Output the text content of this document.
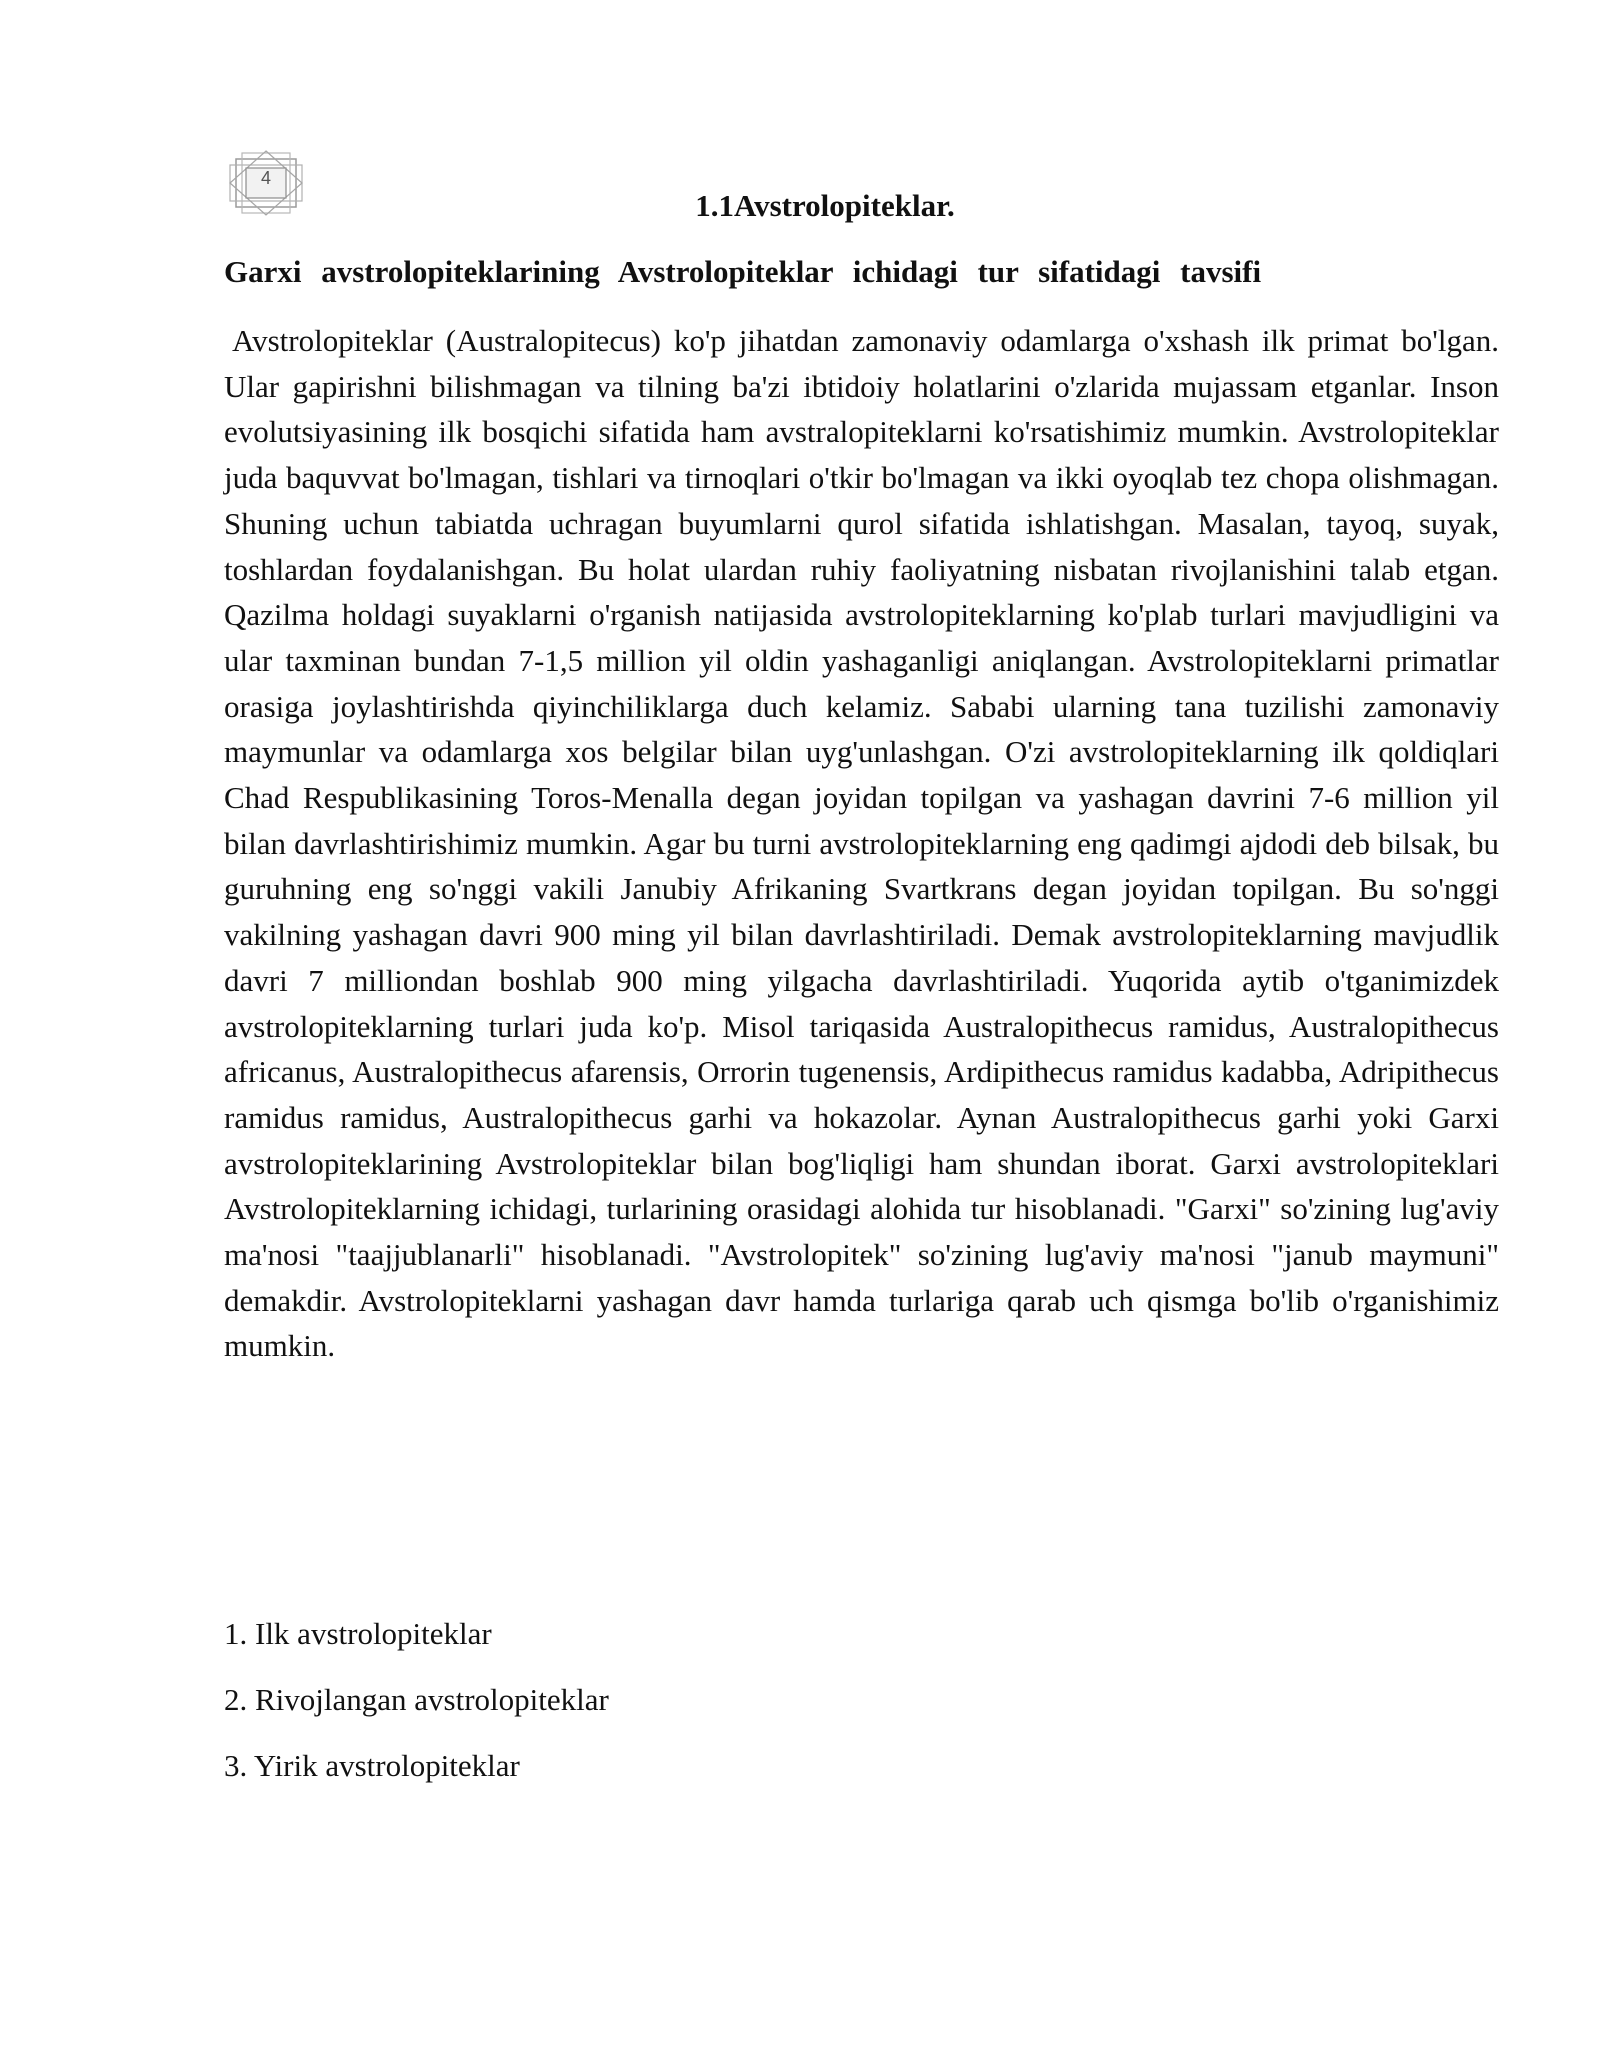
4
1.1Avstrolopiteklar.
Garxi avstrolopiteklarining Avstrolopiteklar ichidagi tur sifatidagi tavsifi

Avstrolopiteklar (Australopitecus) ko'p jihatdan zamonaviy odamlarga o'xshash ilk primat bo'lgan. Ular gapirishni bilishmagan va tilning ba'zi ibtidoiy holatlarini o'zlarida mujassam etganlar. Inson evolutsiyasining ilk bosqichi sifatida ham avstralopiteklarni ko'rsatishimiz mumkin. Avstrolopiteklar juda baquvvat bo'lmagan, tishlari va tirnoqlari o'tkir bo'lmagan va ikki oyoqlab tez chopa olishmagan. Shuning uchun tabiatda uchragan buyumlarni qurol sifatida ishlatishgan. Masalan, tayoq, suyak, toshlardan foydalanishgan. Bu holat ulardan ruhiy faoliyatning nisbatan rivojlanishini talab etgan. Qazilma holdagi suyaklarni o'rganish natijasida avstrolopiteklarning ko'plab turlari mavjudligini va ular taxminan bundan 7-1,5 million yil oldin yashaganligi aniqlangan. Avstrolopiteklarni primatlar orasiga joylashtirishda qiyinchiliklarga duch kelamiz. Sababi ularning tana tuzilishi zamonaviy maymunlar va odamlarga xos belgilar bilan uyg'unlashgan. O'zi avstrolopiteklarning ilk qoldiqlari Chad Respublikasining Toros-Menalla degan joyidan topilgan va yashagan davrini 7-6 million yil bilan davrlashtirishimiz mumkin. Agar bu turni avstrolopiteklarning eng qadimgi ajdodi deb bilsak, bu guruhning eng so'nggi vakili Janubiy Afrikaning Svartkrans degan joyidan topilgan. Bu so'nggi vakilning yashagan davri 900 ming yil bilan davrlashtiriladi. Demak avstrolopiteklarning mavjudlik davri 7 milliondan boshlab 900 ming yilgacha davrlashtiriladi. Yuqorida aytib o'tganimizdek avstrolopiteklarning turlari juda ko'p. Misol tariqasida Australopithecus ramidus, Australopithecus africanus, Australopithecus afarensis, Orrorin tugenensis, Ardipithecus ramidus kadabba, Adripithecus ramidus ramidus, Australopithecus garhi va hokazolar. Aynan Australopithecus garhi yoki Garxi avstrolopiteklarining Avstrolopiteklar bilan bog'liqligi ham shundan iborat. Garxi avstrolopiteklari Avstrolopiteklarning ichidagi, turlarining orasidagi alohida tur hisoblanadi. "Garxi" so'zining lug'aviy ma'nosi "taajjublanarli" hisoblanadi. "Avstrolopitek" so'zining lug'aviy ma'nosi "janub maymuni" demakdir. Avstrolopiteklarni yashagan davr hamda turlariga qarab uch qismga bo'lib o'rganishimiz mumkin.

1. Ilk avstrolopiteklar
2. Rivojlangan avstrolopiteklar
3. Yirik avstrolopiteklar
